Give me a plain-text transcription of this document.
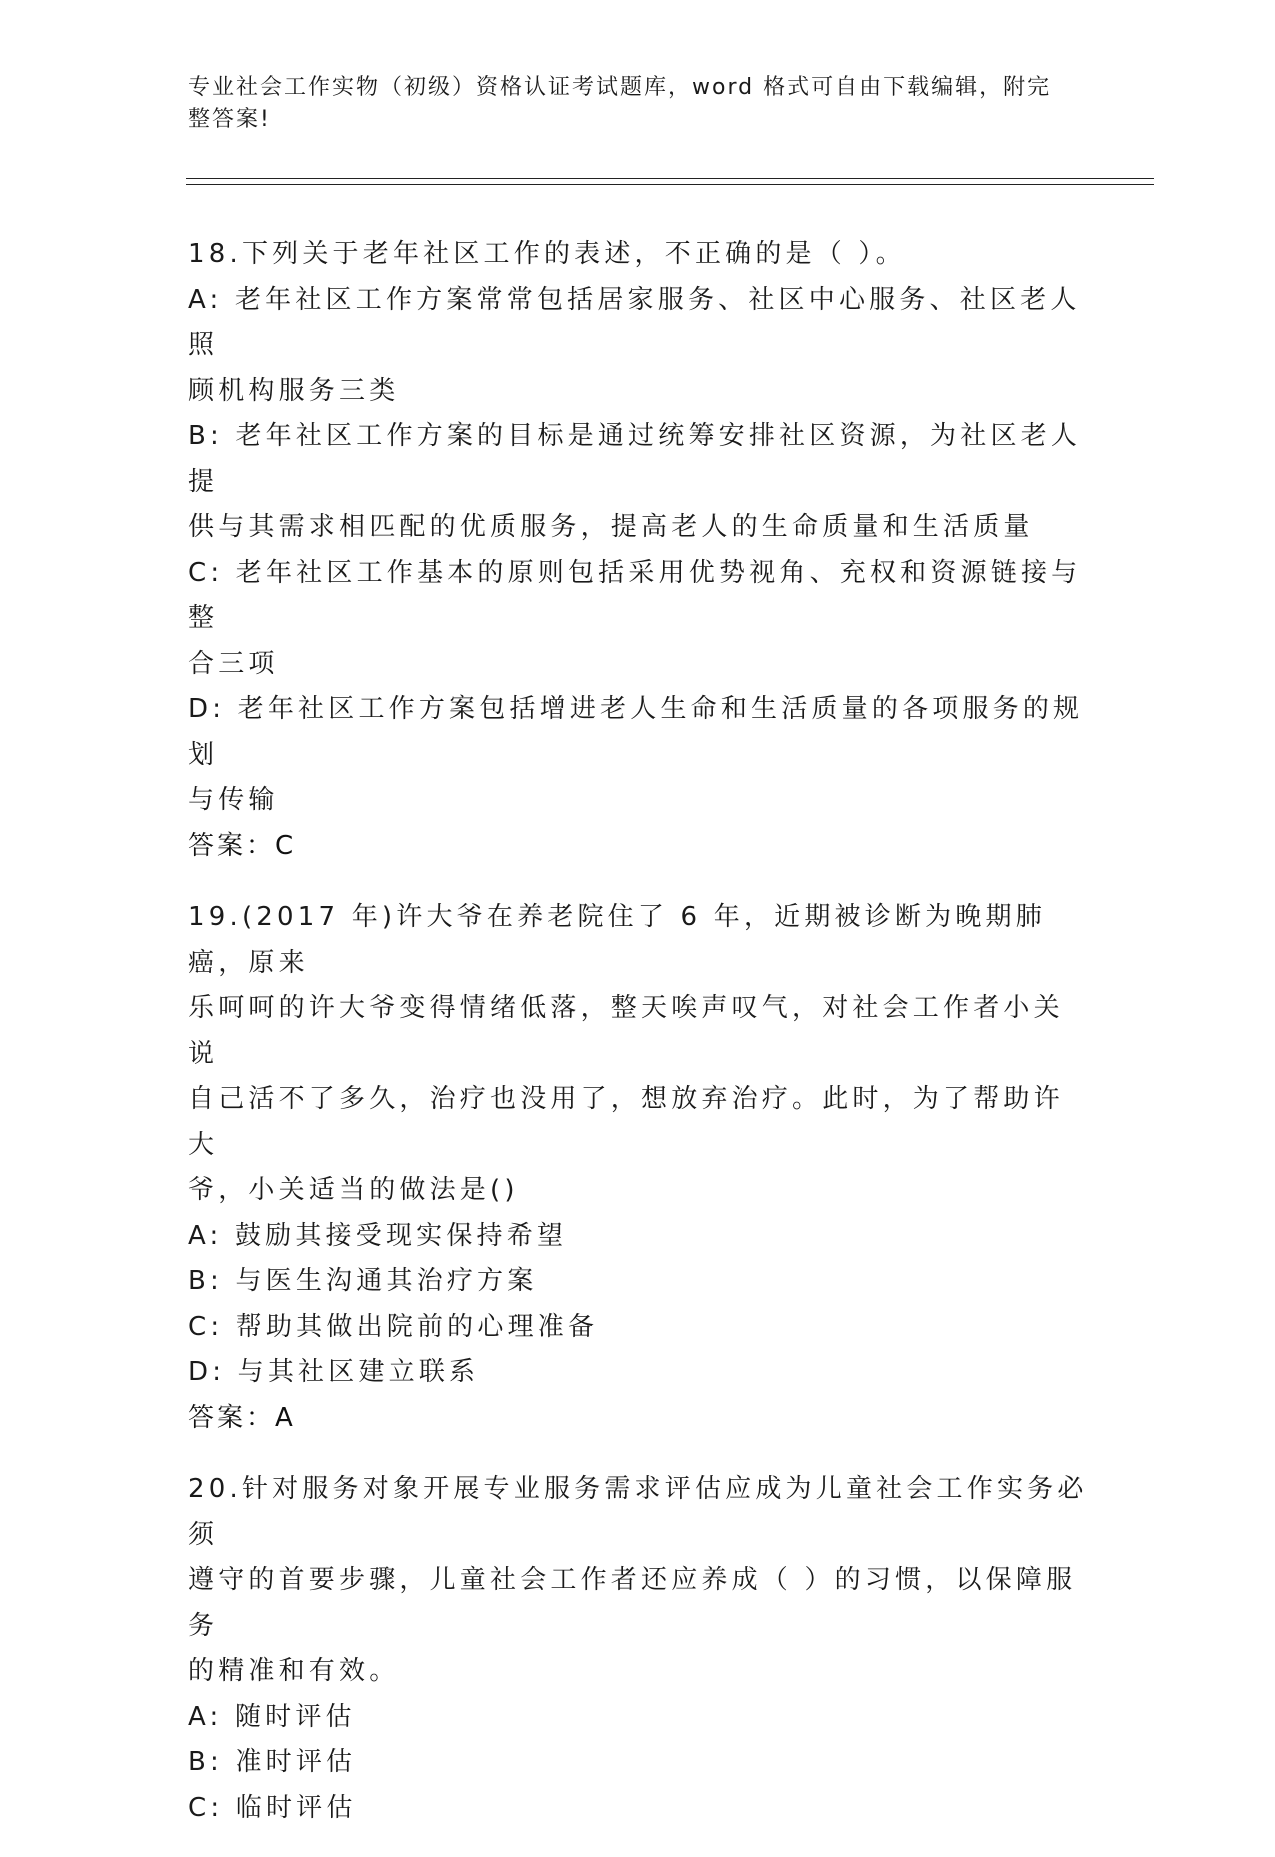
专业社会工作实物（初级）资格认证考试题库，word 格式可自由下载编辑，附完
整答案!
18.下列关于老年社区工作的表述，不正确的是（ ）。
A: 老年社区工作方案常常包括居家服务、社区中心服务、社区老人照
顾机构服务三类
B: 老年社区工作方案的目标是通过统筹安排社区资源，为社区老人提
供与其需求相匹配的优质服务，提高老人的生命质量和生活质量
C: 老年社区工作基本的原则包括采用优势视角、充权和资源链接与整
合三项
D: 老年社区工作方案包括增进老人生命和生活质量的各项服务的规划
与传输
答案：C
19.(2017 年)许大爷在养老院住了 6 年，近期被诊断为晚期肺癌，原来
乐呵呵的许大爷变得情绪低落，整天唉声叹气，对社会工作者小关说
自己活不了多久，治疗也没用了，想放弃治疗。此时，为了帮助许大
爷，小关适当的做法是()
A: 鼓励其接受现实保持希望
B: 与医生沟通其治疗方案
C: 帮助其做出院前的心理准备
D: 与其社区建立联系
答案：A
20.针对服务对象开展专业服务需求评估应成为儿童社会工作实务必须
遵守的首要步骤，儿童社会工作者还应养成（ ）的习惯，以保障服务
的精准和有效。
A: 随时评估
B: 准时评估
C: 临时评估
